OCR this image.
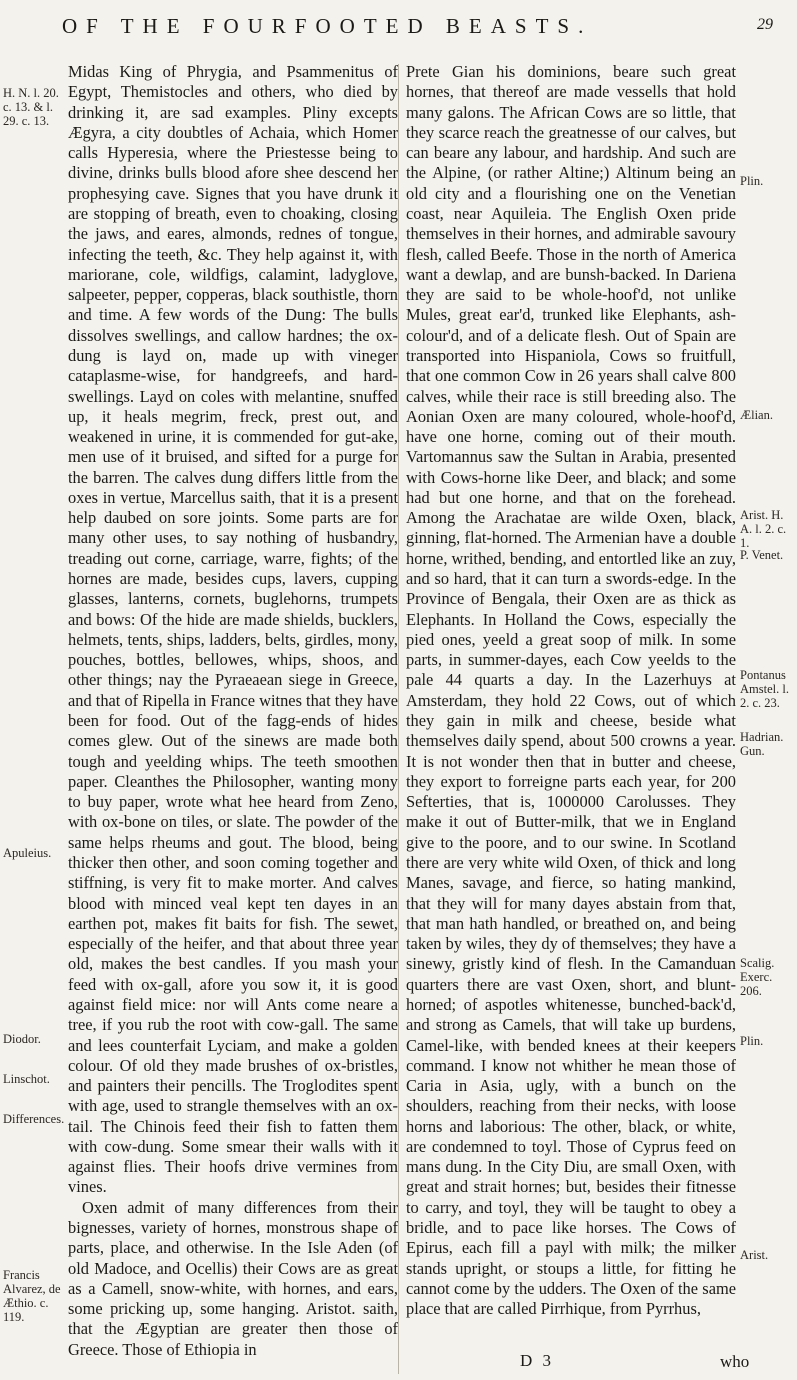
OF THE FOURFOOTED BEASTS.	29

Midas King of Phrygia, and Psammenitus of Egypt, Themistocles and others, who died by drinking it, are sad examples. Pliny excepts Ægyra, a city doubtles of Achaia, which Homer calls Hyperesia, where the Priestesse being to divine, drinks bulls blood afore shee descend her prophesying cave. Signes that you have drunk it are stopping of breath, even to choaking, closing the jaws, and eares, almonds, rednes of tongue, infecting the teeth, &c. They help against it, with mariorane, cole, wildfigs, calamint, ladyglove, salpeeter, pepper, copperas, black southistle, thorn and time. A few words of the Dung: The bulls dissolves swellings, and callow hardnes; the ox-dung is layd on, made up with vineger cataplasme-wise, for handgreefs, and hard-swellings. Layd on coles with melantine, snuffed up, it heals megrim, freck, prest out, and weakened in urine, it is commended for gut-ake, men use of it bruised, and sifted for a purge for the barren. The calves dung differs little from the oxes in vertue, Marcellus saith, that it is a present help daubed on sore joints. Some parts are for many other uses, to say nothing of husbandry, treading out corne, carriage, warre, fights; of the hornes are made, besides cups, lavers, cupping glasses, lanterns, cornets, buglehorns, trumpets and bows: Of the hide are made shields, bucklers, helmets, tents, ships, ladders, belts, girdles, mony, pouches, bottles, bellowes, whips, shoos, and other things; nay the Pyraeaean siege in Greece, and that of Ripella in France witnes that they have been for food. Out of the fagg-ends of hides comes glew. Out of the sinews are made both tough and yeelding whips. The teeth smoothen paper. Cleanthes the Philosopher, wanting mony to buy paper, wrote what hee heard from Zeno, with ox-bone on tiles, or slate. The powder of the same helps rheums and gout. The blood, being thicker then other, and soon coming together and stiffning, is very fit to make morter. And calves blood with minced veal kept ten dayes in an earthen pot, makes fit baits for fish. The sewet, especially of the heifer, and that about three year old, makes the best candles. If you mash your feed with ox-gall, afore you sow it, it is good against field mice: nor will Ants come neare a tree, if you rub the root with cow-gall. The same and lees counterfait Lyciam, and make a golden colour. Of old they made brushes of ox-bristles, and painters their pencills. The Troglodites spent with age, used to strangle themselves with an ox-tail. The Chinois feed their fish to fatten them with cow-dung. Some smear their walls with it against flies. Their hoofs drive vermines from vines.

Oxen admit of many differences from their bignesses, variety of hornes, monstrous shape of parts, place, and otherwise. In the Isle Aden (of old Madoce, and Ocellis) their Cows are as great as a Camell, snow-white, with hornes, and ears, some pricking up, some hanging. Aristot. saith, that the Ægyptian are greater then those of Greece. Those of Ethiopia in

Prete Gian his dominions, beare such great hornes, that thereof are made vessells that hold many galons. The African Cows are so little, that they scarce reach the greatnesse of our calves, but can beare any labour, and hardship. And such are the Alpine, (or rather Altine;) Altinum being an old city and a flourishing one on the Venetian coast, near Aquileia. The English Oxen pride themselves in their hornes, and admirable savoury flesh, called Beefe. Those in the north of America want a dewlap, and are bunsh-backed. In Dariena they are said to be whole-hoof'd, not unlike Mules, great ear'd, trunked like Elephants, ash-colour'd, and of a delicate flesh. Out of Spain are transported into Hispaniola, Cows so fruitfull, that one common Cow in 26 years shall calve 800 calves, while their race is still breeding also. The Aonian Oxen are many coloured, whole-hoof'd, have one horne, coming out of their mouth. Vartomannus saw the Sultan in Arabia, presented with Cows-horne like Deer, and black; and some had but one horne, and that on the forehead. Among the Arachatae are wilde Oxen, black, ginning, flat-horned. The Armenian have a double horne, writhed, bending, and entortled like an zuy, and so hard, that it can turn a swords-edge. In the Province of Bengala, their Oxen are as thick as Elephants. In Holland the Cows, especially the pied ones, yeeld a great soop of milk. In some parts, in summer-dayes, each Cow yeelds to the pale 44 quarts a day. In the Lazerhuys at Amsterdam, they hold 22 Cows, out of which they gain in milk and cheese, beside what themselves daily spend, about 500 crowns a year. It is not wonder then that in butter and cheese, they export to forreigne parts each year, for 200 Sefterties, that is, 1000000 Carolusses. They make it out of Butter-milk, that we in England give to the poore, and to our swine. In Scotland there are very white wild Oxen, of thick and long Manes, savage, and fierce, so hating mankind, that they will for many dayes abstain from that, that man hath handled, or breathed on, and being taken by wiles, they dy of themselves; they have a sinewy, gristly kind of flesh. In the Camanduan quarters there are vast Oxen, short, and blunt-horned; of aspotles whitenesse, bunched-back'd, and strong as Camels, that will take up burdens, Camel-like, with bended knees at their keepers command. I know not whither he mean those of Caria in Asia, ugly, with a bunch on the shoulders, reaching from their necks, with loose horns and laborious: The other, black, or white, are condemned to toyl. Those of Cyprus feed on mans dung. In the City Diu, are small Oxen, with great and strait hornes; but, besides their fitnesse to carry, and toyl, they will be taught to obey a bridle, and to pace like horses. The Cows of Epirus, each fill a payl with milk; the milker stands upright, or stoups a little, for fitting he cannot come by the udders. The Oxen of the same place that are called Pirrhique, from Pyrrhus,

H. N. l. 20. c. 13. & l. 29. c. 13.
Apuleius.
Diodor.
Linschot.
Differences.
Francis Alvarez, de Æthio. c. 119.
Plin.
Ælian.
Arist. H. A. l. 2. c. 1.
P. Venet.
Pontanus Amstel. l. 2. c. 23.
Hadrian. Gun.
Scalig. Exerc. 206.
Plin.
Arist.
D 3	who
